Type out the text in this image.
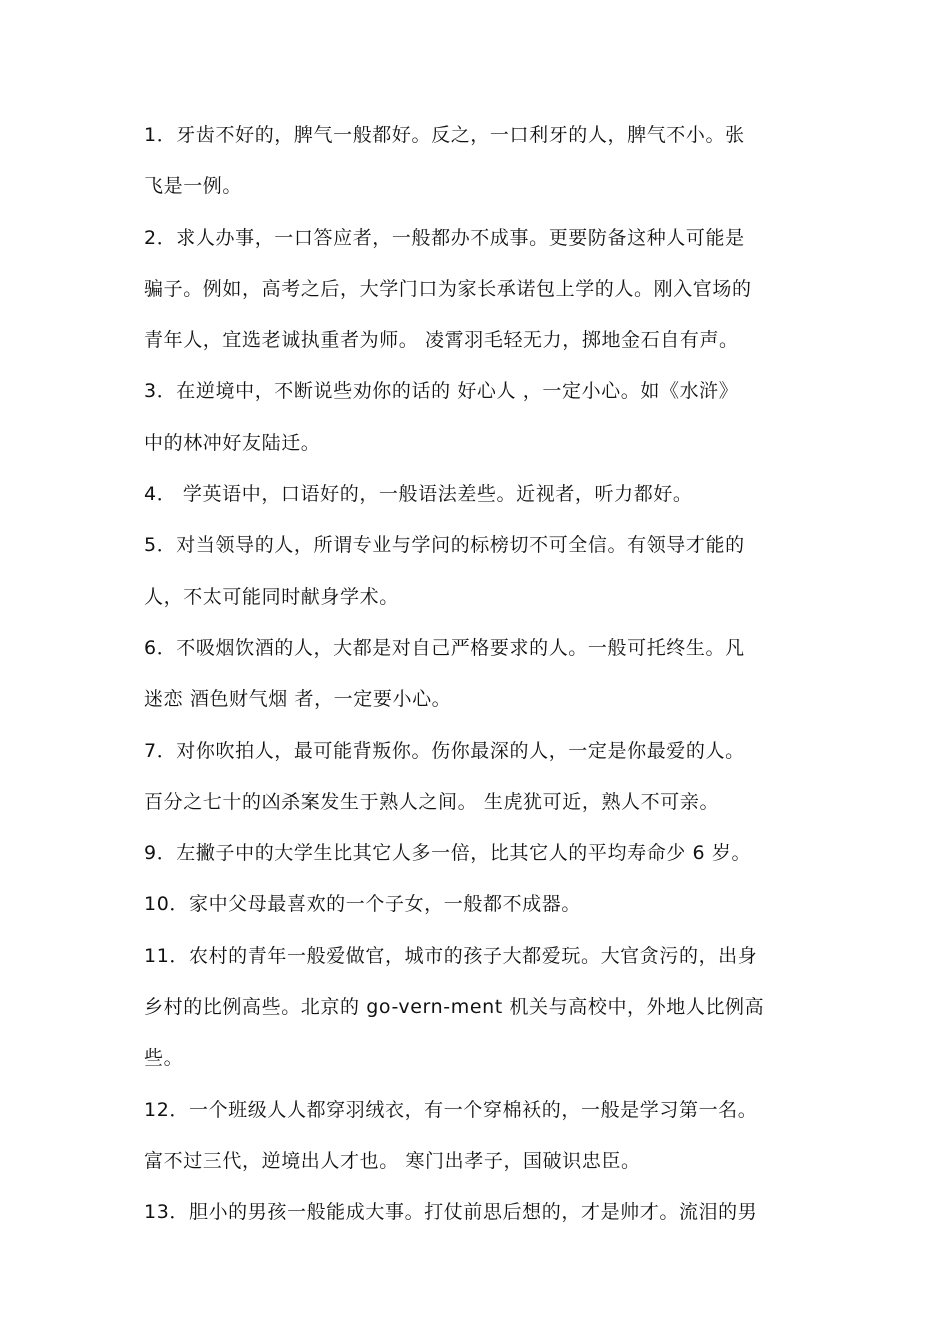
1．牙齿不好的，脾气一般都好。反之，一口利牙的人，脾气不小。张
飞是一例。
2．求人办事，一口答应者，一般都办不成事。更要防备这种人可能是
骗子。例如，高考之后，大学门口为家长承诺包上学的人。刚入官场的
青年人，宜选老诚执重者为师。 凌霄羽毛轻无力，掷地金石自有声。
3．在逆境中，不断说些劝你的话的 好心人 ，一定小心。如《水浒》
中的林冲好友陆迁。
4． 学英语中，口语好的，一般语法差些。近视者，听力都好。
5．对当领导的人，所谓专业与学问的标榜切不可全信。有领导才能的
人，不太可能同时献身学术。
6．不吸烟饮酒的人，大都是对自己严格要求的人。一般可托终生。凡
迷恋 酒色财气烟 者，一定要小心。
7．对你吹拍人，最可能背叛你。伤你最深的人，一定是你最爱的人。
百分之七十的凶杀案发生于熟人之间。 生虎犹可近，熟人不可亲。
9．左撇子中的大学生比其它人多一倍，比其它人的平均寿命少 6 岁。
10．家中父母最喜欢的一个子女，一般都不成器。
11．农村的青年一般爱做官，城市的孩子大都爱玩。大官贪污的，出身
乡村的比例高些。北京的 go-vern-ment 机关与高校中，外地人比例高
些。
12．一个班级人人都穿羽绒衣，有一个穿棉袄的，一般是学习第一名。
富不过三代，逆境出人才也。 寒门出孝子，国破识忠臣。
13．胆小的男孩一般能成大事。打仗前思后想的，才是帅才。流泪的男
